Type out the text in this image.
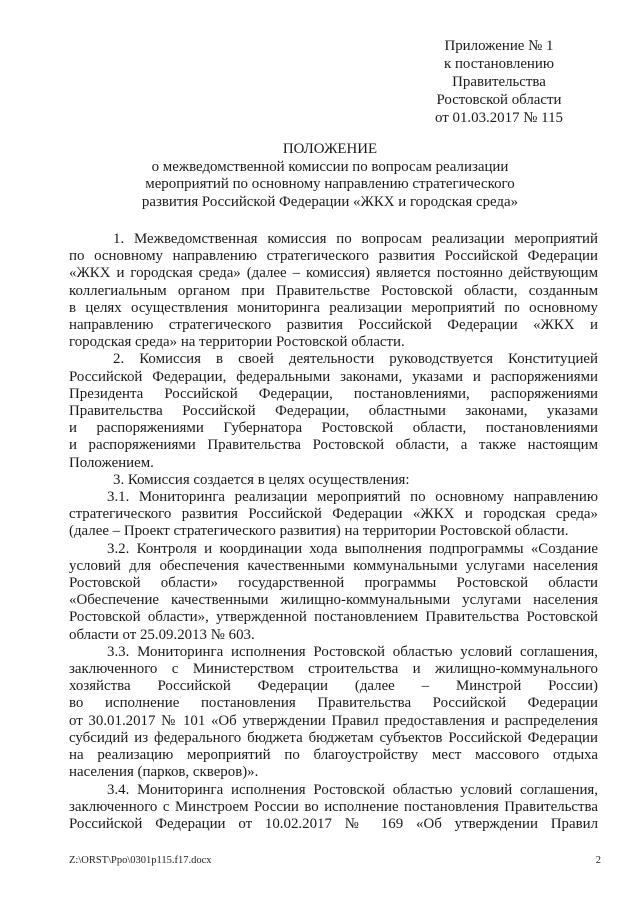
Приложение № 1
к постановлению
Правительства
Ростовской области
от 01.03.2017 № 115
ПОЛОЖЕНИЕ
о межведомственной комиссии по вопросам реализации
мероприятий по основному направлению стратегического
развития Российской Федерации «ЖКХ и городская среда»
1. Межведомственная комиссия по вопросам реализации мероприятий
по основному направлению стратегического развития Российской Федерации
«ЖКХ и городская среда» (далее – комиссия) является постоянно действующим
коллегиальным органом при Правительстве Ростовской области, созданным
в целях осуществления мониторинга реализации мероприятий по основному
направлению стратегического развития Российской Федерации «ЖКХ и
городская среда» на территории Ростовской области.
2. Комиссия в своей деятельности руководствуется Конституцией
Российской Федерации, федеральными законами, указами и распоряжениями
Президента Российской Федерации, постановлениями, распоряжениями
Правительства Российской Федерации, областными законами, указами
и распоряжениями Губернатора Ростовской области, постановлениями
и распоряжениями Правительства Ростовской области, а также настоящим
Положением.
3. Комиссия создается в целях осуществления:
3.1. Мониторинга реализации мероприятий по основному направлению
стратегического развития Российской Федерации «ЖКХ и городская среда»
(далее – Проект стратегического развития) на территории Ростовской области.
3.2. Контроля и координации хода выполнения подпрограммы «Создание
условий для обеспечения качественными коммунальными услугами населения
Ростовской области» государственной программы Ростовской области
«Обеспечение качественными жилищно-коммунальными услугами населения
Ростовской области», утвержденной постановлением Правительства Ростовской
области от 25.09.2013 № 603.
3.3. Мониторинга исполнения Ростовской областью условий соглашения,
заключенного с Министерством строительства и жилищно-коммунального
хозяйства Российской Федерации (далее – Минстрой России)
во исполнение постановления Правительства Российской Федерации
от 30.01.2017 № 101 «Об утверждении Правил предоставления и распределения
субсидий из федерального бюджета бюджетам субъектов Российской Федерации
на реализацию мероприятий по благоустройству мест массового отдыха
населения (парков, скверов)».
3.4. Мониторинга исполнения Ростовской областью условий соглашения,
заключенного с Минстроем России во исполнение постановления Правительства
Российской Федерации от 10.02.2017 № 169 «Об утверждении Правил
Z:\ORST\Ppo\0301p115.f17.docx	2
